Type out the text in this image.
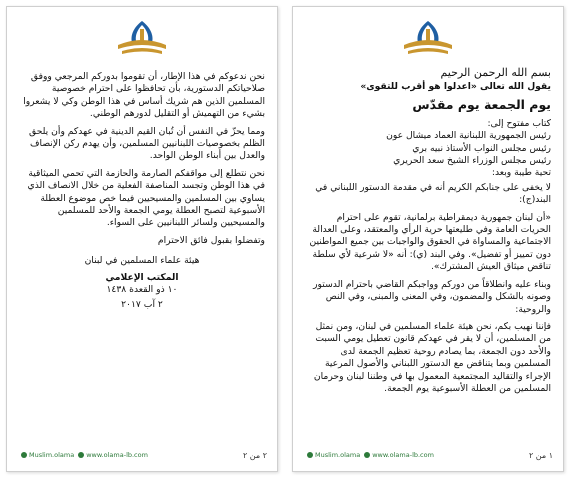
نحن ندعوكم في هذا الإطار، أن تقوموا بدوركم المرجعي ووفق صلاحياتكم الدستورية، بأن تحافظوا على احترام خصوصية المسلمين الذين هم شريك أساس في هذا الوطن وكي لا يشعروا بشيء من التهميش أو التقليل لدورهم الوطني.

ومما يحزّ في النفس أن تُبان القيم الدينية في عهدكم وأن يلحق الظلم بخصوصيات اللبنانيين المسلمين، وأن يهدم ركن الإنصاف والعدل بين أبناء الوطن الواحد.

نحن نتطلع إلى مواقفكم الصارمة والحازمة التي تحمي الميثاقية في هذا الوطن وتجسد المناصفة الفعلية من خلال الانصاف الذي يساوي بين المسلمين والمسيحيين فيما خص موضوع العطلة الأسبوعية لتصبح العطلة يومي الجمعة والأحد للمسلمين والمسيحيين ولسائر اللبنانيين على السواء.

وتفضلوا بقبول فائق الاحترام

هيئة علماء المسلمين في لبنان
المكتب الإعلامي
١٠ ذو القعدة ١٤٣٨
٢ آب ٢٠١٧
Muslim.olama www.olama-lb.com	٢ من ٢
بسم الله الرحمن الرحيم
يقول الله تعالى «اعدلوا هو أقرب للتقوى»
يوم الجمعة يوم مقدّس
كتاب مفتوح إلى:
رئيس الجمهورية اللبنانية العماد ميشال عون
رئيس مجلس النواب الأستاذ نبيه بري
رئيس مجلس الوزراء الشيخ سعد الحريري
تحية طيبة وبعد:

لا يخفى على جنابكم الكريم أنه في مقدمة الدستور اللبناني في البند(ج):

«أن لبنان جمهورية ديمقراطية برلمانية، تقوم على احترام الحريات العامة وفي طليعتها حرية الرأي والمعتقد، وعلى العدالة الاجتماعية والمساواة في الحقوق والواجبات بين جميع المواطنين دون تمييز أو تفضيل». وفي البند (ي): أنه «لا شرعية لأي سلطة تناقض ميثاق العيش المشترك».

وبناء عليه وانطلاقاً من دوركم وواجبكم القاضي باحترام الدستور وصونه بالشكل والمضمون، وفي المعنى والمبنى، وفي النص والروحية:

فإننا نهيب بكم، نحن هيئة علماء المسلمين في لبنان، ومن نمثل من المسلمين، أن لا يقر في عهدكم قانون تعطيل يومي السبت والأحد دون الجمعة، بما يصادم روحية تعظيم الجمعة لدى المسلمين وبما يتناقض مع الدستور اللبناني والأصول المرعية الإجراء والتقاليد المجتمعية المعمول بها في وطننا لبنان وحرمان المسلمين من العطلة الأسبوعية يوم الجمعة.

Muslim.olama www.olama-lb.com	١ من ٢
